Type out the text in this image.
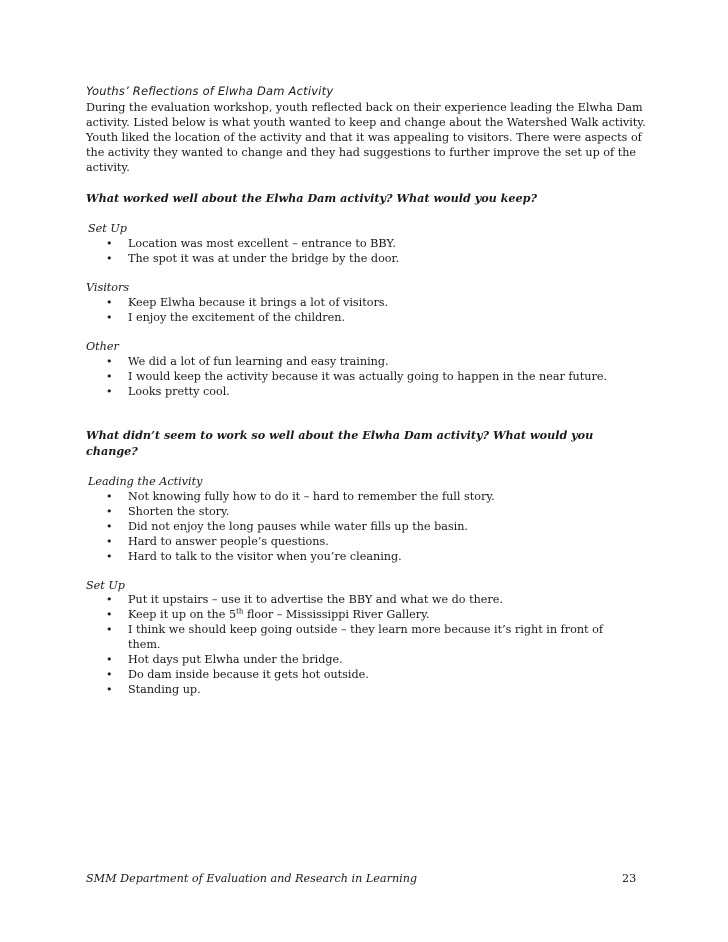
Youths’ Reflections of Elwha Dam Activity
During the evaluation workshop, youth reflected back on their experience leading the Elwha Dam activity. Listed below is what youth wanted to keep and change about the Watershed Walk activity. Youth liked the location of the activity and that it was appealing to visitors. There were aspects of the activity they wanted to change and they had suggestions to further improve the set up of the activity.
What worked well about the Elwha Dam activity? What would you keep?
Set Up
• Location was most excellent – entrance to BBY.
• The spot it was at under the bridge by the door.
Visitors
• Keep Elwha because it brings a lot of visitors.
• I enjoy the excitement of the children.
Other
• We did a lot of fun learning and easy training.
• I would keep the activity because it was actually going to happen in the near future.
• Looks pretty cool.
What didn’t seem to work so well about the Elwha Dam activity? What would you change?
Leading the Activity
• Not knowing fully how to do it – hard to remember the full story.
• Shorten the story.
• Did not enjoy the long pauses while water fills up the basin.
• Hard to answer people’s questions.
• Hard to talk to the visitor when you’re cleaning.
Set Up
• Put it upstairs – use it to advertise the BBY and what we do there.
• Keep it up on the 5th floor – Mississippi River Gallery.
• I think we should keep going outside – they learn more because it’s right in front of them.
• Hot days put Elwha under the bridge.
• Do dam inside because it gets hot outside.
• Standing up.
SMM Department of Evaluation and Research in Learning	23
